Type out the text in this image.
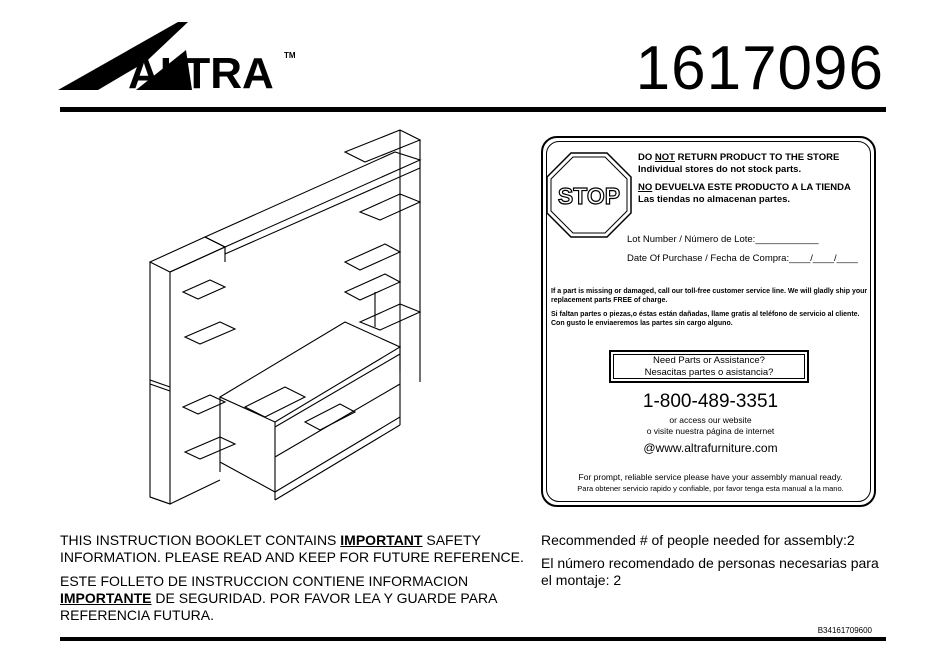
ALTRA TM	1617096
STOP
DO NOT RETURN PRODUCT TO THE STORE
Individual stores do not stock parts.
NO DEVUELVA ESTE PRODUCTO A LA TIENDA
Las tiendas no almacenan partes.
Lot Number / Número de Lote:____________
Date Of Purchase / Fecha de Compra:____/____/____
If a part is missing or damaged, call our toll-free customer service line. We will gladly ship your replacement parts FREE of charge.
Si faltan partes o piezas,o éstas están dañadas, llame gratis al teléfono de servicio al cliente. Con gusto le enviaeremos las partes sin cargo alguno.
Need Parts or Assistance?
Nesacitas partes o asistancia?
1-800-489-3351
or access our website
o visite nuestra página de internet
@www.altrafurniture.com
For prompt, reliable service please have your assembly manual ready.
Para obtener servicio rapido y confiable, por favor tenga esta manual a la mano.
THIS INSTRUCTION BOOKLET CONTAINS IMPORTANT SAFETY
INFORMATION. PLEASE READ AND KEEP FOR FUTURE REFERENCE.
ESTE FOLLETO DE INSTRUCCION CONTIENE INFORMACION
IMPORTANTE DE SEGURIDAD. POR FAVOR LEA Y GUARDE PARA
REFERENCIA FUTURA.
Recommended # of people needed for assembly:2
El número recomendado de personas necesarias para
el montaje: 2
B34161709600
